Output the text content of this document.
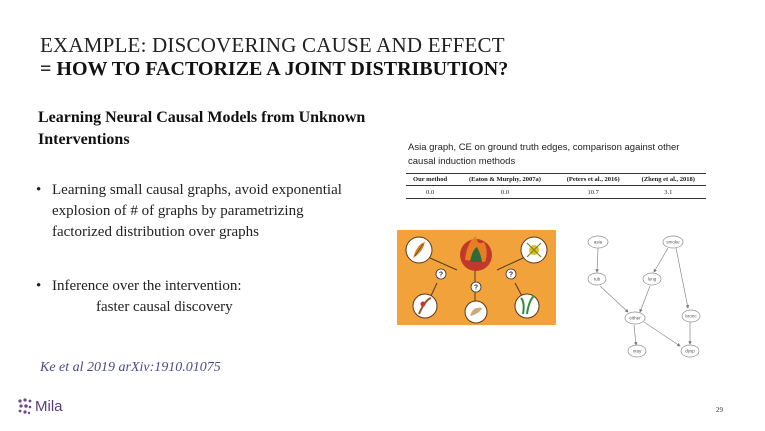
EXAMPLE: DISCOVERING CAUSE AND EFFECT
= HOW TO FACTORIZE A JOINT DISTRIBUTION?
Learning Neural Causal Models from Unknown Interventions
• Learning small causal graphs, avoid exponential
explosion of # of graphs by parametrizing
factorized distribution over graphs
• Inference over the intervention:
faster causal discovery
Ke et al 2019 arXiv:1910.01075
Asia graph, CE on ground truth edges, comparison against other
causal induction methods
Our method	(Eaton & Murphy, 2007a)	(Peters et al., 2016)	(Zheng et al., 2018)
0.0	0.0	10.7	3.1
?
?
?
asia	smoke
tub	lung
bronc
either
xray	dysp
Mila	29
